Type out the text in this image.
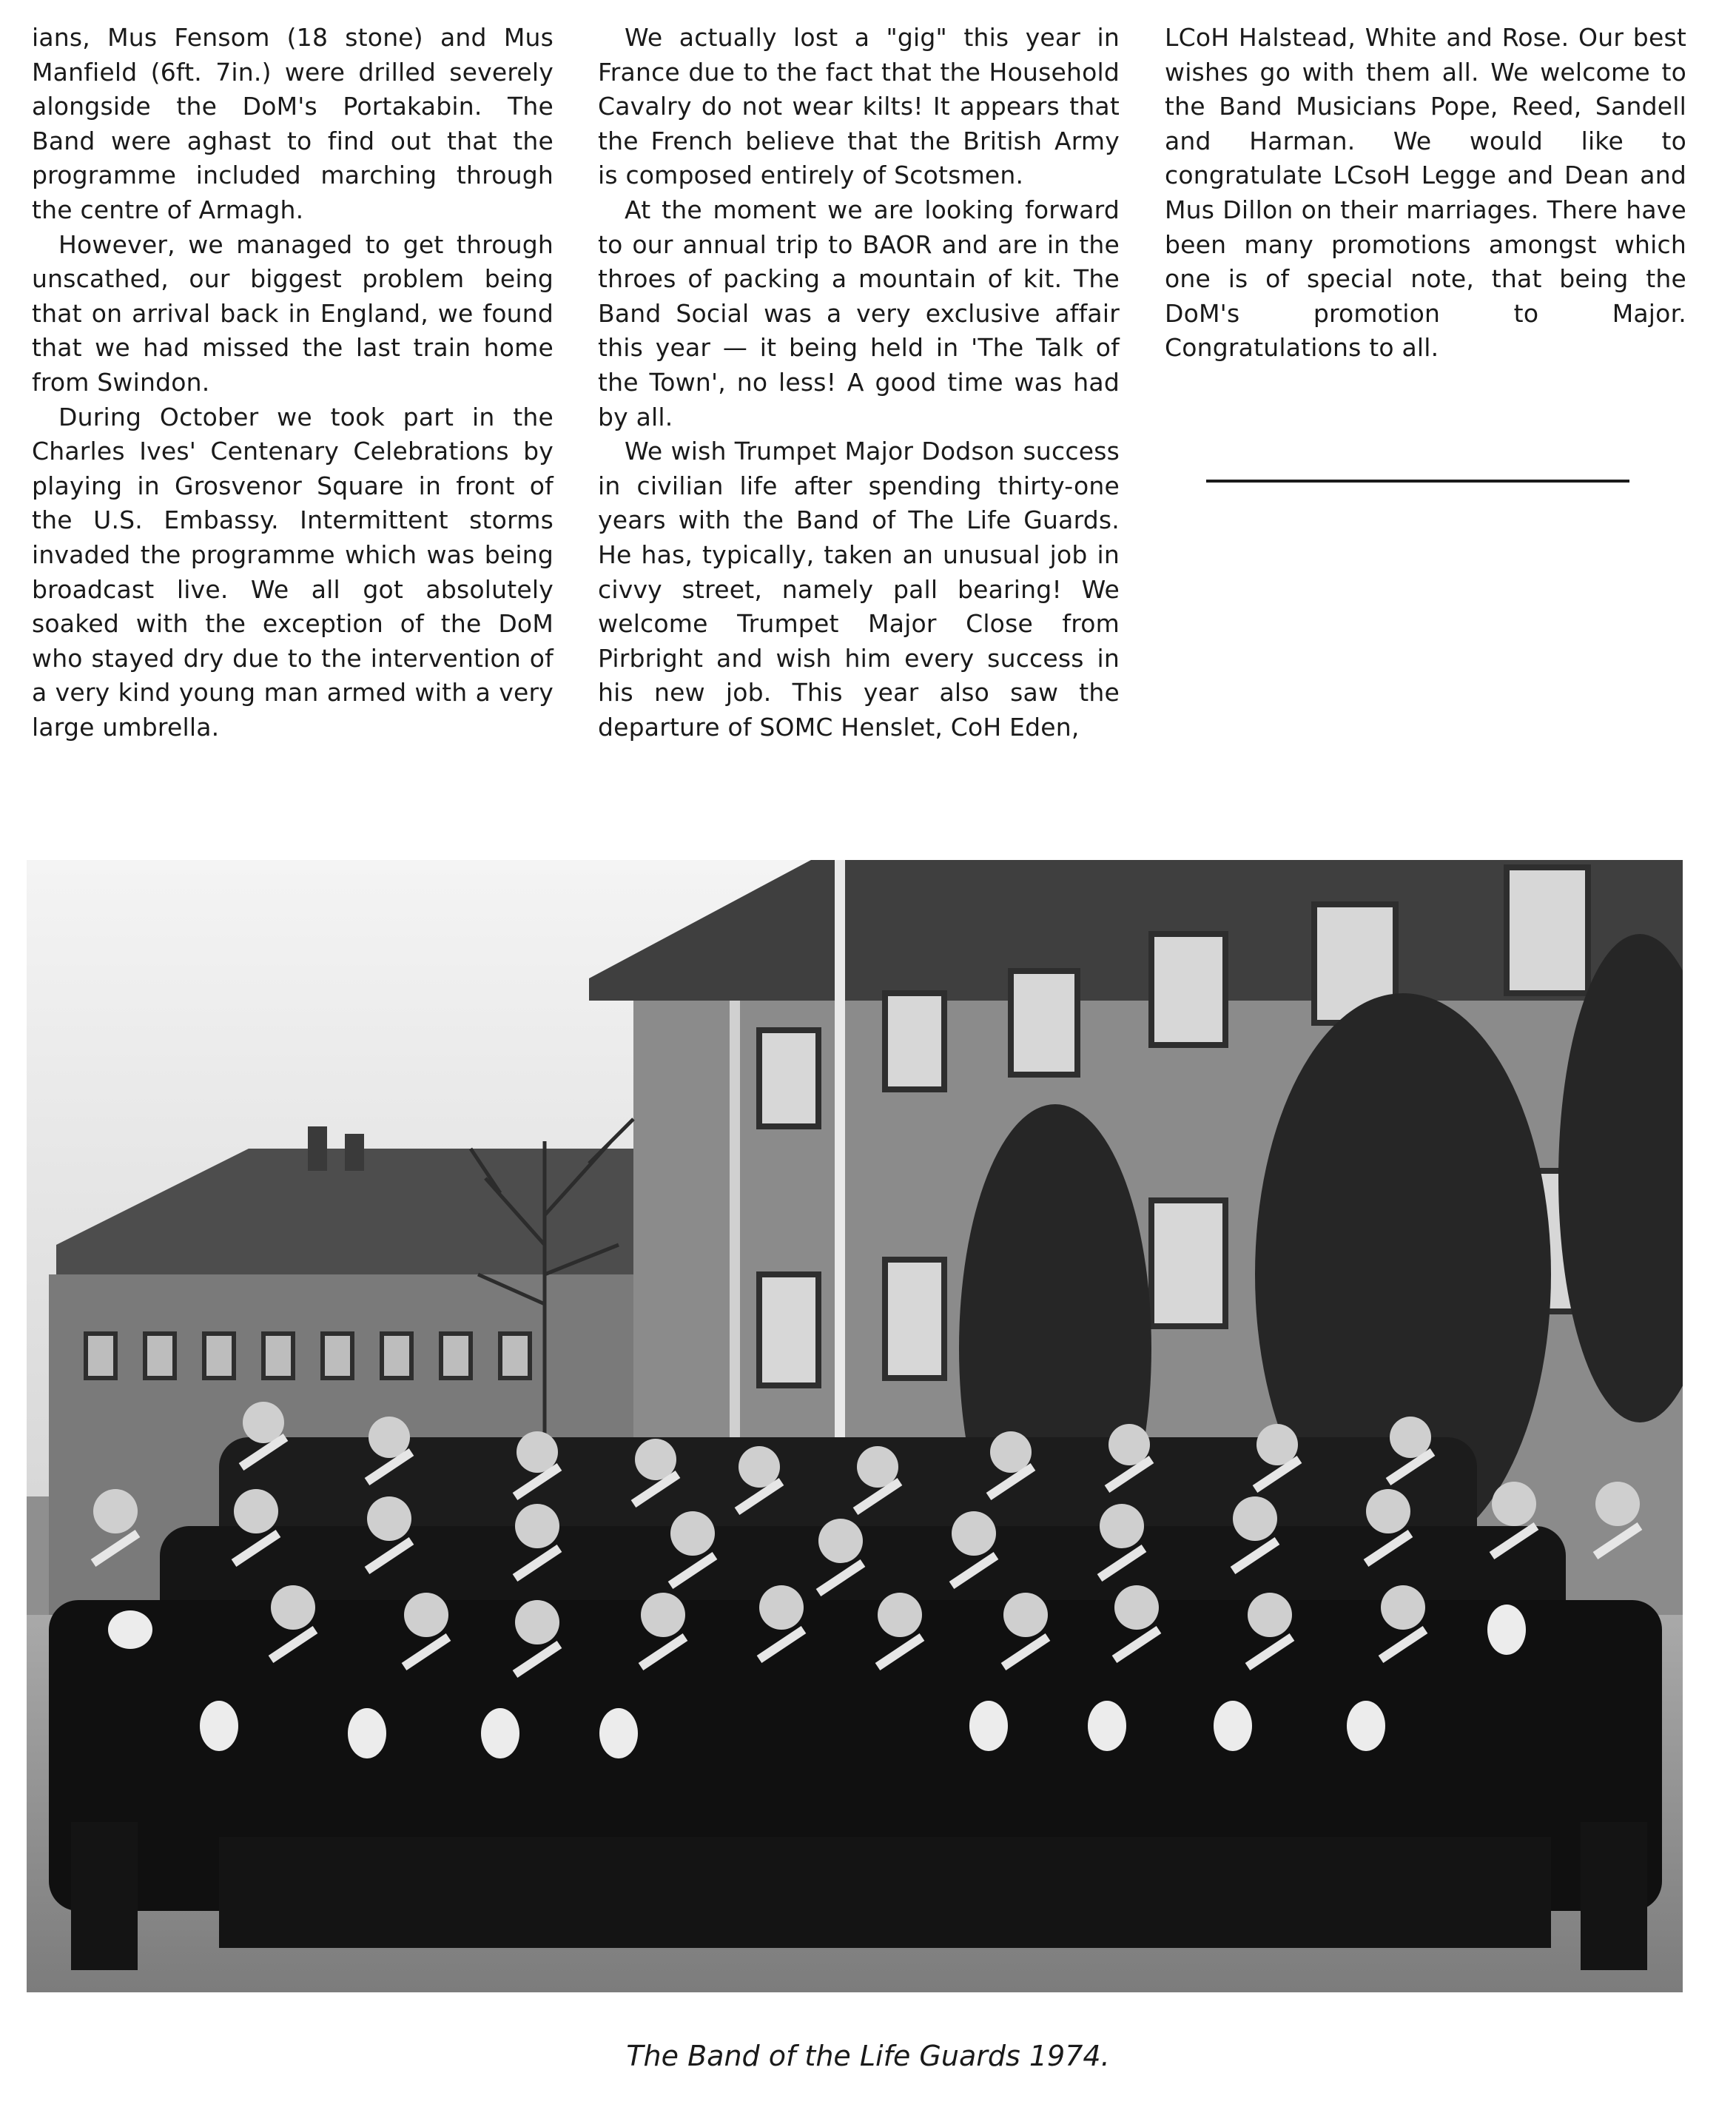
ians, Mus Fensom (18 stone) and Mus Manfield (6ft. 7in.) were drilled severely alongside the DoM's Portakabin. The Band were aghast to find out that the programme included marching through the centre of Armagh.

However, we managed to get through unscathed, our biggest problem being that on arrival back in England, we found that we had missed the last train home from Swindon.

During October we took part in the Charles Ives' Centenary Celebrations by playing in Grosvenor Square in front of the U.S. Embassy. Intermittent storms invaded the programme which was being broadcast live. We all got absolutely soaked with the exception of the DoM who stayed dry due to the intervention of a very kind young man armed with a very large umbrella.

We actually lost a "gig" this year in France due to the fact that the Household Cavalry do not wear kilts! It appears that the French believe that the British Army is composed entirely of Scotsmen.

At the moment we are looking forward to our annual trip to BAOR and are in the throes of packing a mountain of kit. The Band Social was a very exclusive affair this year — it being held in 'The Talk of the Town', no less! A good time was had by all.

We wish Trumpet Major Dodson success in civilian life after spending thirty-one years with the Band of The Life Guards. He has, typically, taken an unusual job in civvy street, namely pall bearing! We welcome Trumpet Major Close from Pirbright and wish him every success in his new job. This year also saw the departure of SOMC Henslet, CoH Eden,

LCoH Halstead, White and Rose. Our best wishes go with them all. We welcome to the Band Musicians Pope, Reed, Sandell and Harman. We would like to congratulate LCsoH Legge and Dean and Mus Dillon on their marriages. There have been many promotions amongst which one is of special note, that being the DoM's promotion to Major. Congratulations to all.

The Band of the Life Guards 1974.
